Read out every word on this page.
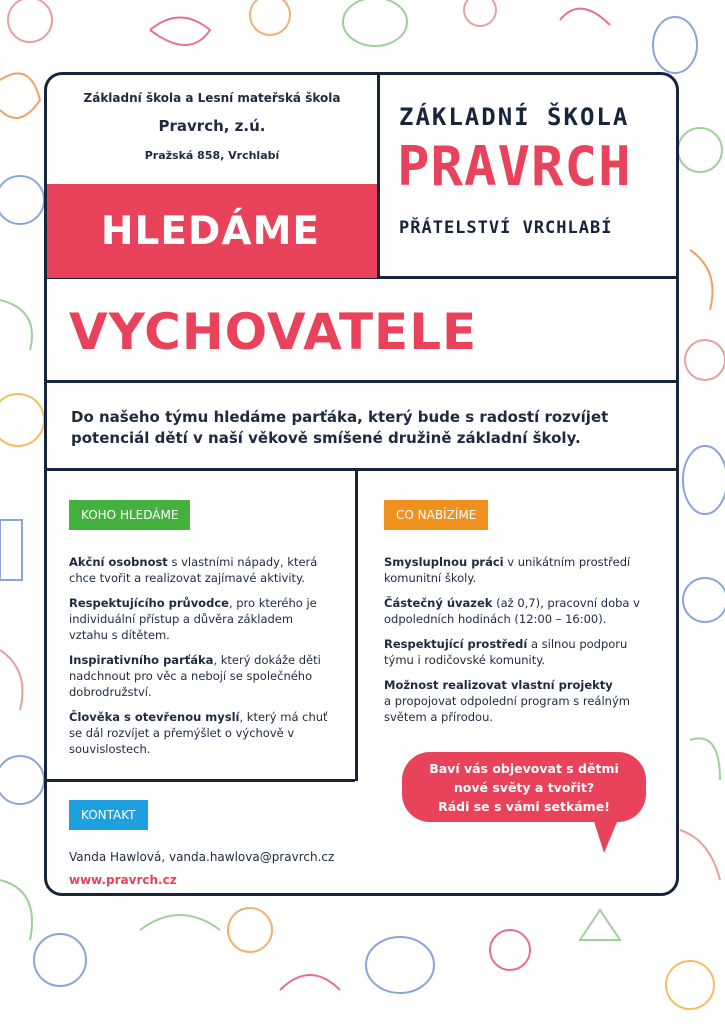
Základní škola a Lesní mateřská škola
Pravrch, z.ú.
Pražská 858, Vrchlabí
HLEDÁME
ZÁKLADNÍ ŠKOLA
PRAVRCH
PŘÁTELSTVÍ VRCHLABÍ
VYCHOVATELE
Do našeho týmu hledáme parťáka, který bude s radostí rozvíjet potenciál dětí v naší věkově smíšené družině základní školy.
KOHO HLEDÁME
Akční osobnost s vlastními nápady, která chce tvořit a realizovat zajímavé aktivity.
Respektujícího průvodce, pro kterého je individuální přístup a důvěra základem vztahu s dítětem.
Inspirativního parťáka, který dokáže děti nadchnout pro věc a nebojí se společného dobrodružství.
Člověka s otevřenou myslí, který má chuť se dál rozvíjet a přemýšlet o výchově v souvislostech.
CO NABÍZÍME
Smysluplnou práci v unikátním prostředí komunitní školy.
Částečný úvazek (až 0,7), pracovní doba v odpoledních hodinách (12:00 – 16:00).
Respektující prostředí a silnou podporu týmu i rodičovské komunity.
Možnost realizovat vlastní projekty
a propojovat odpolední program s reálným světem a přírodou.
KONTAKT
Vanda Hawlová, vanda.hawlova@pravrch.cz
www.pravrch.cz
Baví vás objevovat s dětmi
nové světy a tvořit?
Rádi se s vámi setkáme!
